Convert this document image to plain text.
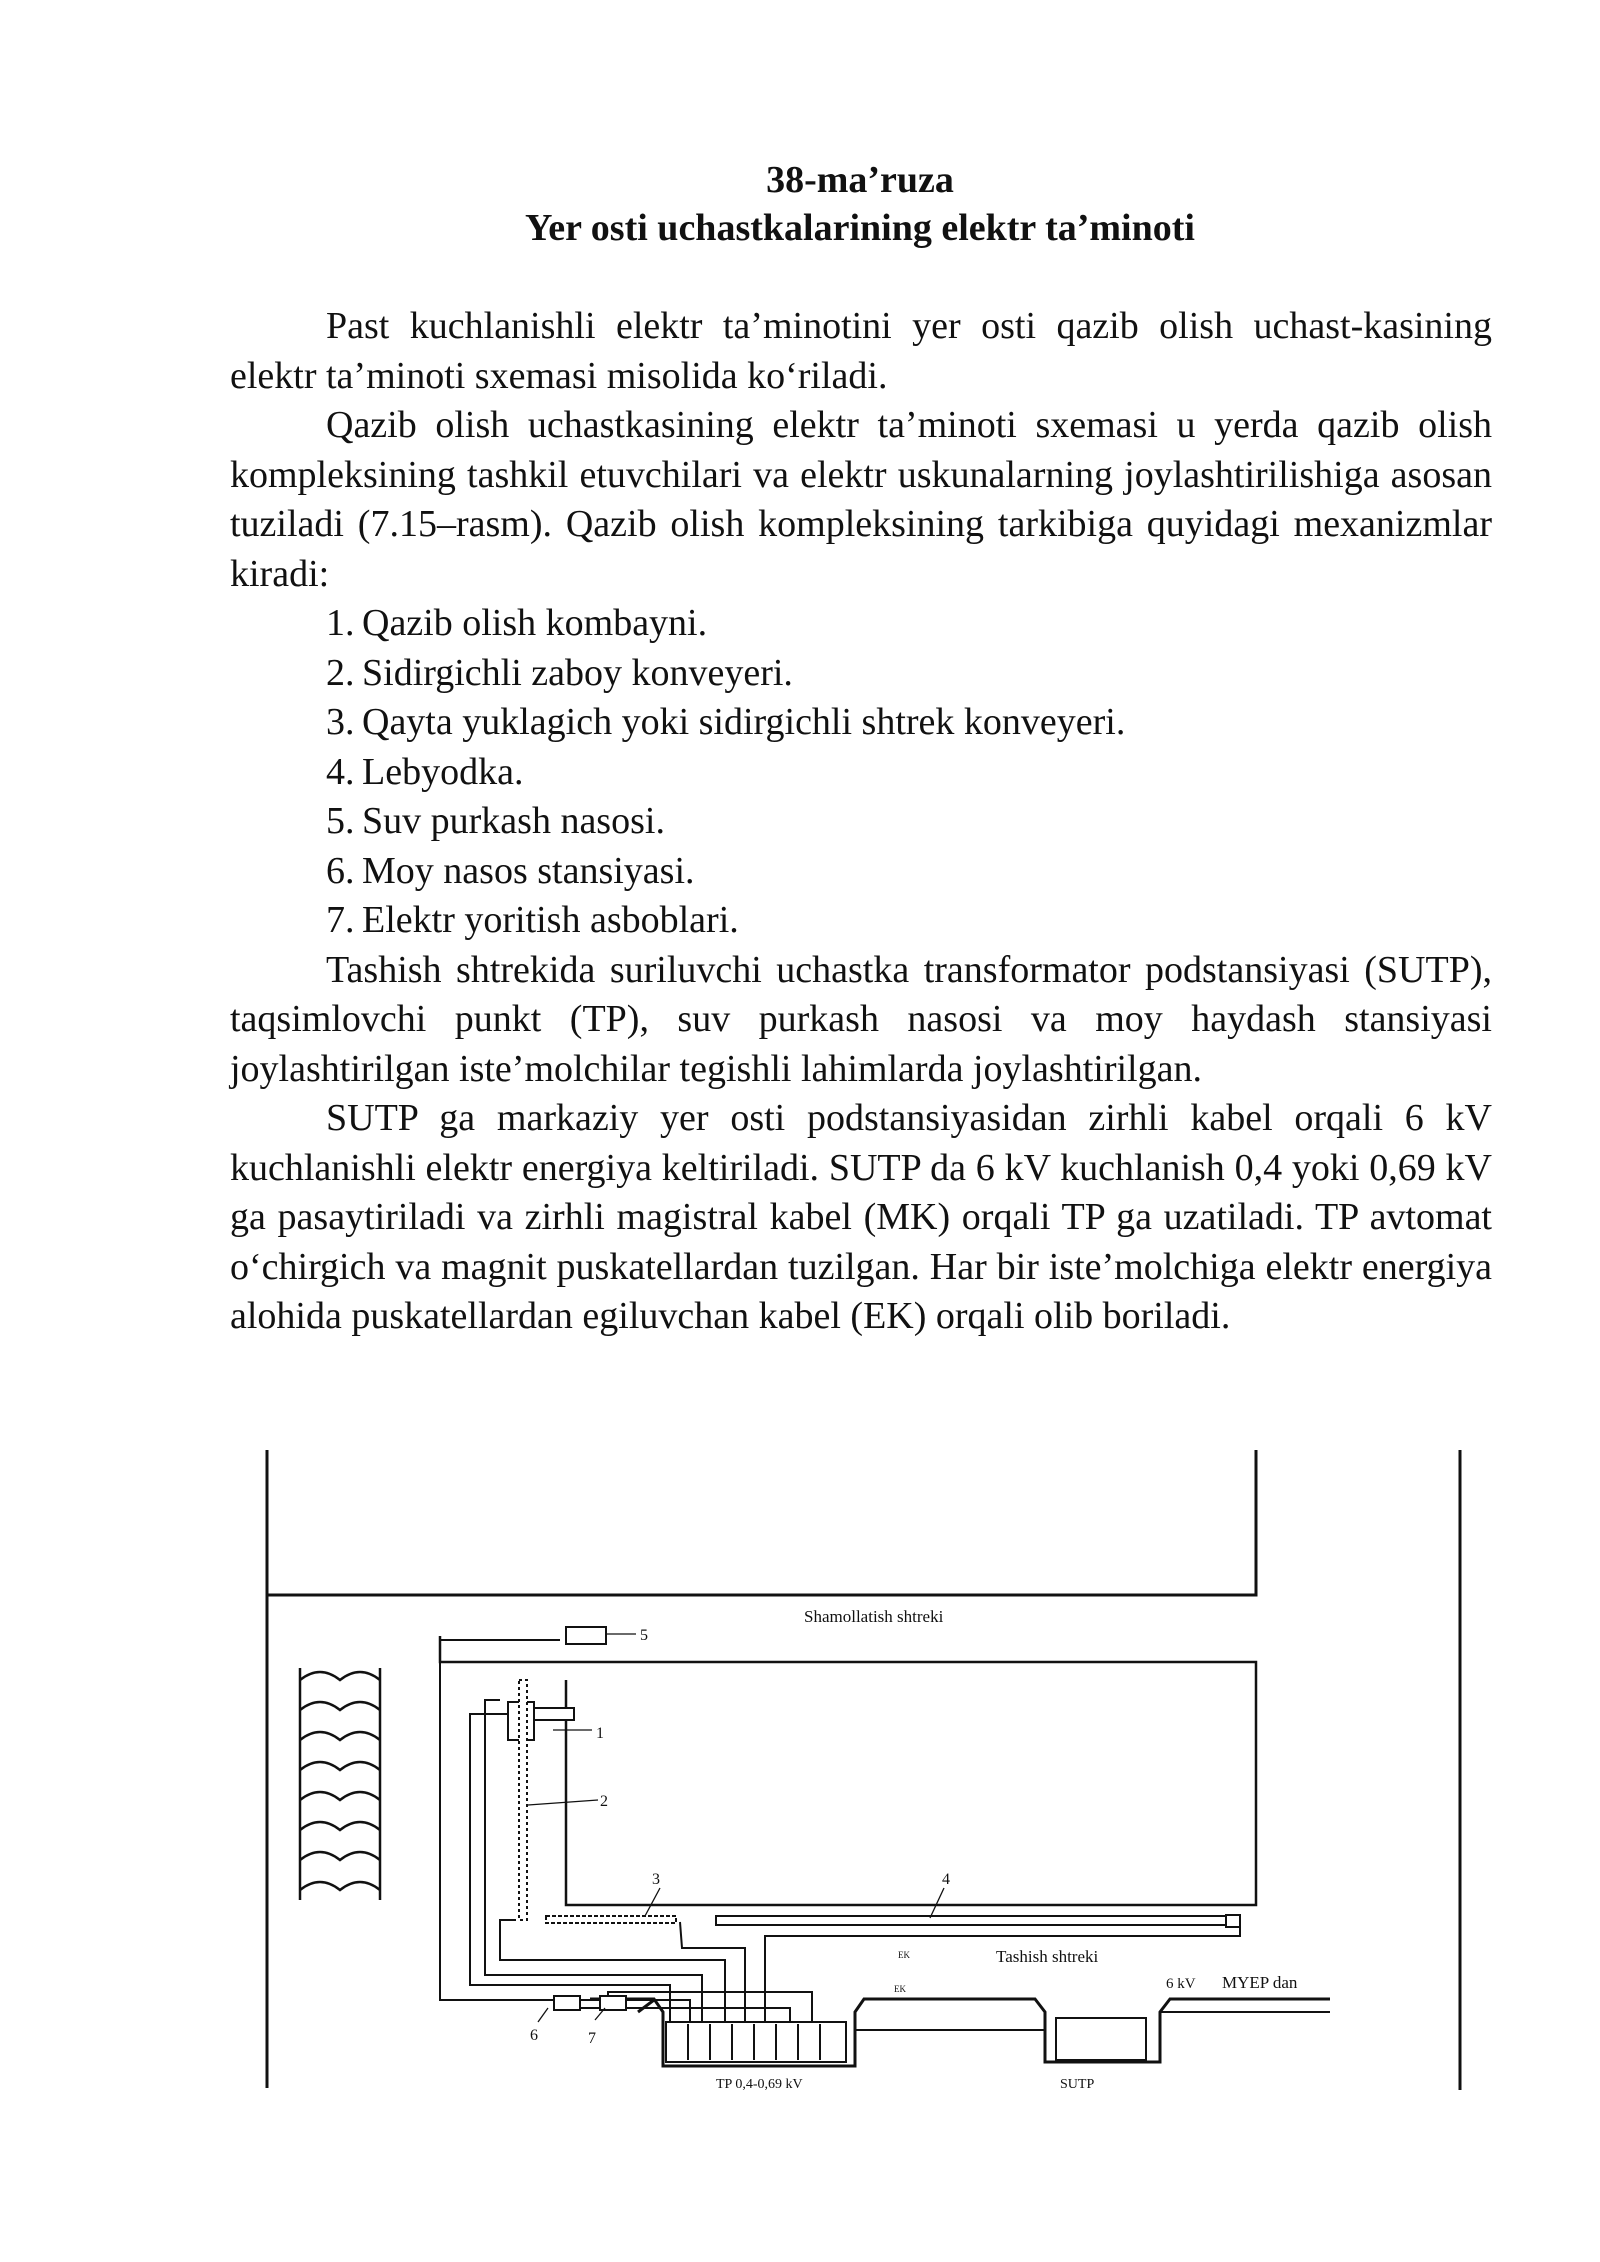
38-ma’ruza
Yer osti uchastkalarining elektr ta’minoti

Past kuchlanishli elektr ta’minotini yer osti qazib olish uchast-kasining elektr ta’minoti sxemasi misolida ko‘riladi.

Qazib olish uchastkasining elektr ta’minoti sxemasi u yerda qazib olish kompleksining tashkil etuvchilari va elektr uskunalarning joylashtirilishiga asosan tuziladi (7.15–rasm). Qazib olish kompleksining tarkibiga quyidagi mexanizmlar kiradi:

1. Qazib olish kombayni.
2. Sidirgichli zaboy konveyeri.
3. Qayta yuklagich yoki sidirgichli shtrek konveyeri.
4. Lebyodka.
5. Suv purkash nasosi.
6. Moy nasos stansiyasi.
7. Elektr yoritish asboblari.

Tashish shtrekida suriluvchi uchastka transformator podstansiyasi (SUTP), taqsimlovchi punkt (TP), suv purkash nasosi va moy haydash stansiyasi joylashtirilgan iste’molchilar tegishli lahimlarda joylashtirilgan.

SUTP ga markaziy yer osti podstansiyasidan zirhli kabel orqali 6 kV kuchlanishli elektr energiya keltiriladi. SUTP da 6 kV kuchlanish 0,4 yoki 0,69 kV ga pasaytiriladi va zirhli magistral kabel (MK) orqali TP ga uzatiladi. TP avtomat o‘chirgich va magnit puskatellardan tuzilgan. Har bir iste’molchiga elektr energiya alohida puskatellardan egiluvchan kabel (EK) orqali olib boriladi.

Shamollatish shtreki
Tashish shtreki
6 kV MYEP dan
EK
EK
TP 0,4-0,69 kV	SUTP
1
2
3	4
5
6	7
